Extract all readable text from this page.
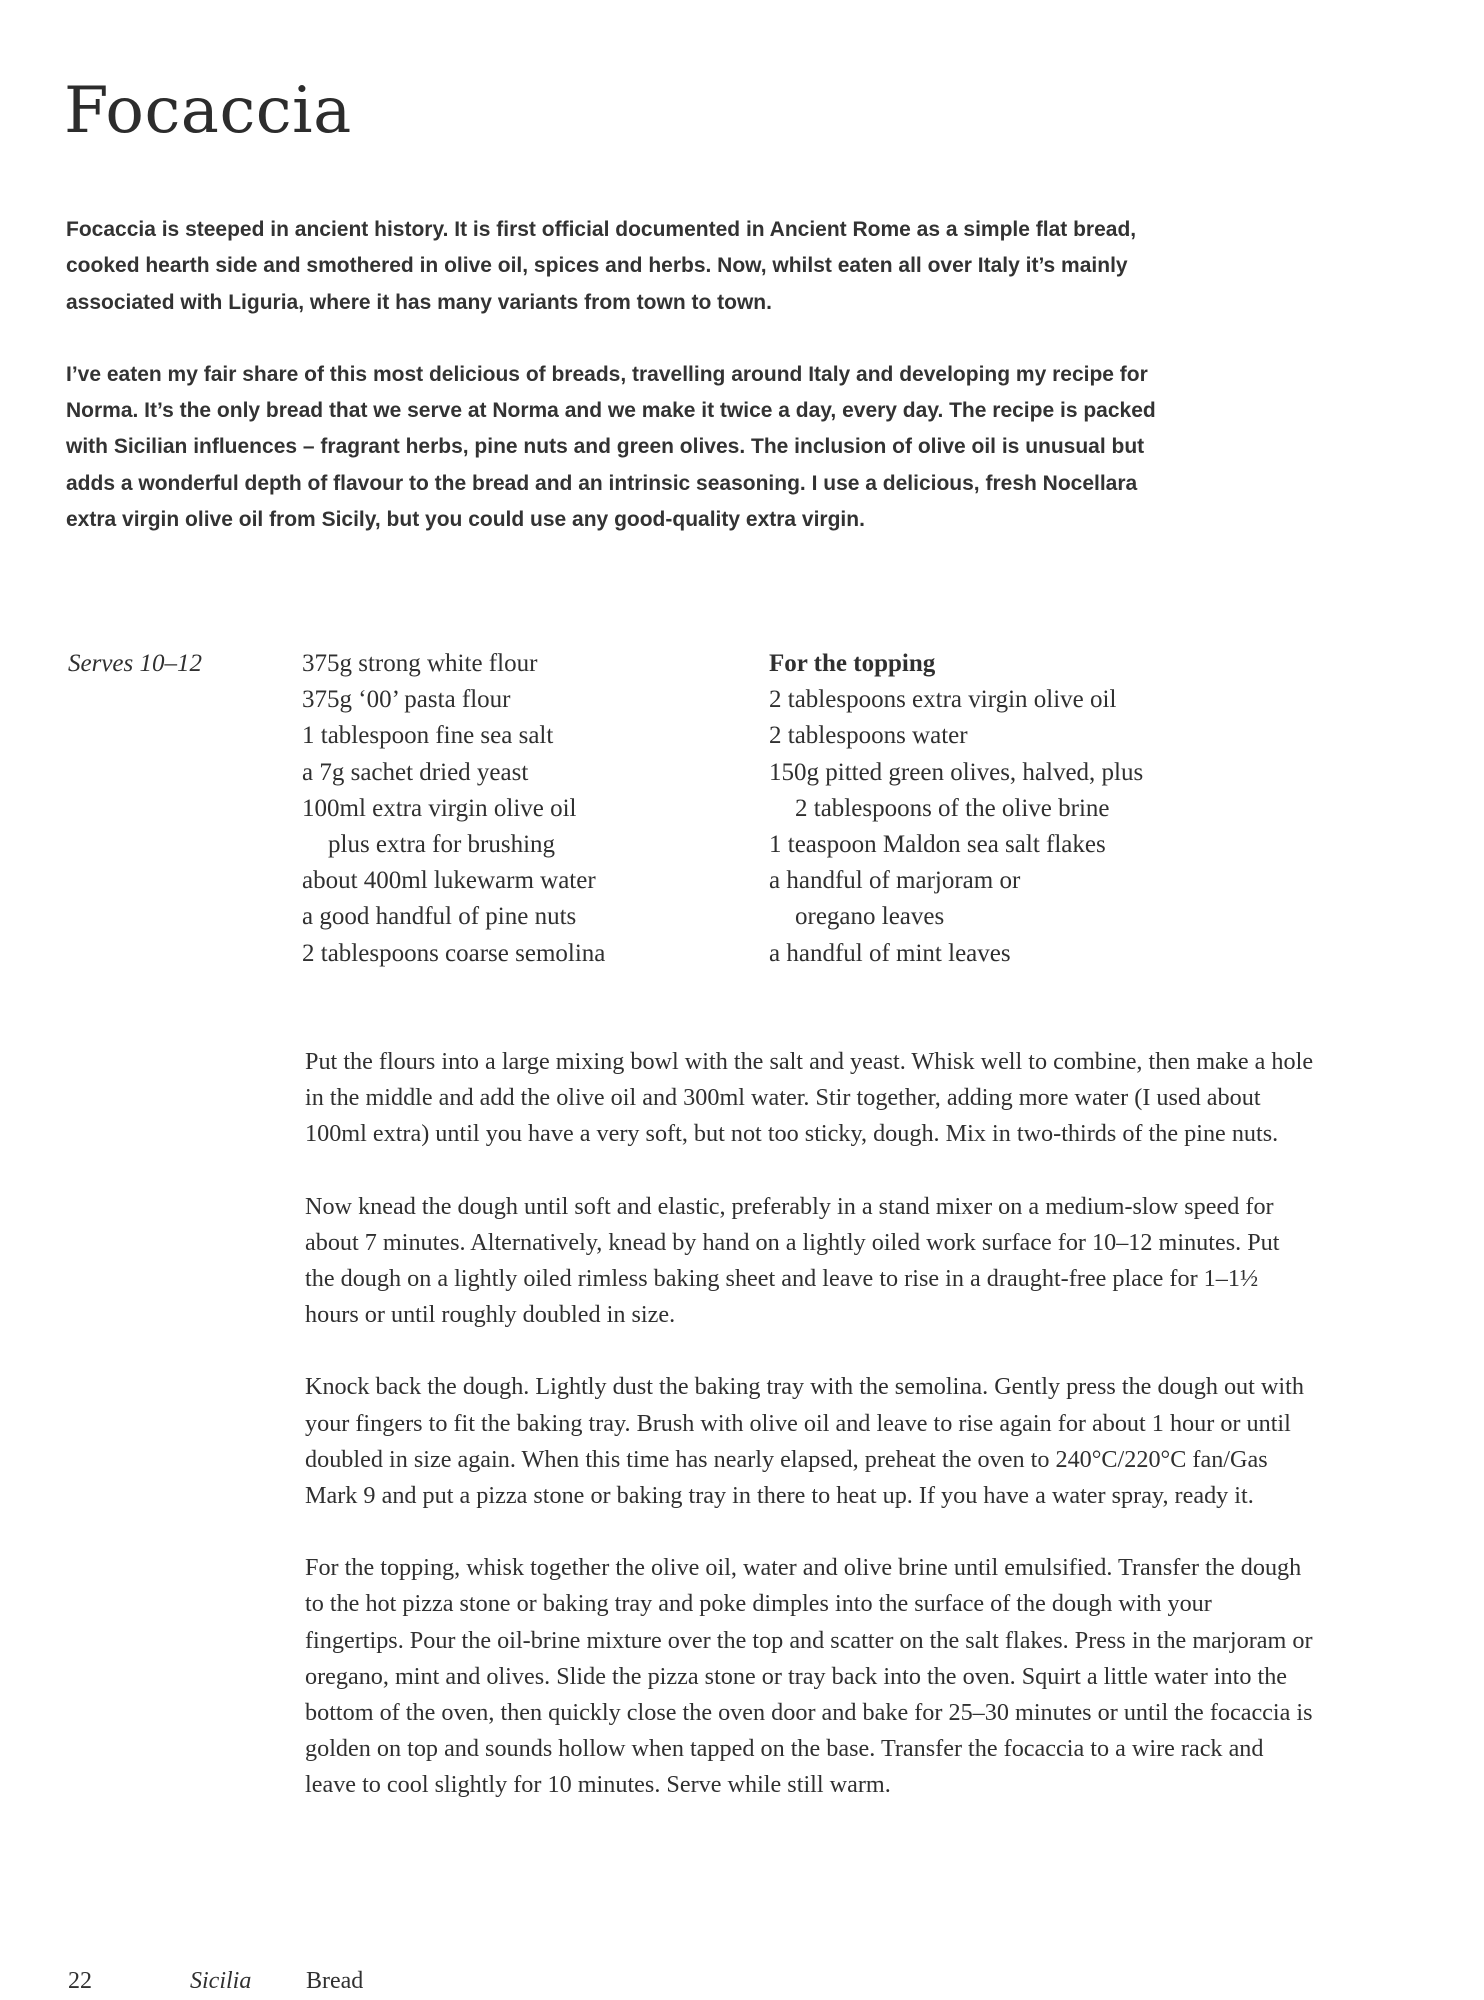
Focaccia

Focaccia is steeped in ancient history. It is first official documented in Ancient Rome as a simple flat bread, cooked hearth side and smothered in olive oil, spices and herbs. Now, whilst eaten all over Italy it’s mainly associated with Liguria, where it has many variants from town to town.

I’ve eaten my fair share of this most delicious of breads, travelling around Italy and developing my recipe for Norma. It’s the only bread that we serve at Norma and we make it twice a day, every day. The recipe is packed with Sicilian influences – fragrant herbs, pine nuts and green olives. The inclusion of olive oil is unusual but adds a wonderful depth of flavour to the bread and an intrinsic seasoning. I use a delicious, fresh Nocellara extra virgin olive oil from Sicily, but you could use any good-quality extra virgin.

Serves 10–12	375g strong white flour
375g ‘00’ pasta flour
1 tablespoon fine sea salt
a 7g sachet dried yeast
100ml extra virgin olive oil
plus extra for brushing
about 400ml lukewarm water
a good handful of pine nuts
2 tablespoons coarse semolina
For the topping
2 tablespoons extra virgin olive oil
2 tablespoons water
150g pitted green olives, halved, plus
2 tablespoons of the olive brine
1 teaspoon Maldon sea salt flakes
a handful of marjoram or
oregano leaves
a handful of mint leaves

Put the flours into a large mixing bowl with the salt and yeast. Whisk well to combine, then make a hole in the middle and add the olive oil and 300ml water. Stir together, adding more water (I used about 100ml extra) until you have a very soft, but not too sticky, dough. Mix in two-thirds of the pine nuts.

Now knead the dough until soft and elastic, preferably in a stand mixer on a medium-slow speed for about 7 minutes. Alternatively, knead by hand on a lightly oiled work surface for 10–12 minutes. Put the dough on a lightly oiled rimless baking sheet and leave to rise in a draught-free place for 1–1½ hours or until roughly doubled in size.

Knock back the dough. Lightly dust the baking tray with the semolina. Gently press the dough out with your fingers to fit the baking tray. Brush with olive oil and leave to rise again for about 1 hour or until doubled in size again. When this time has nearly elapsed, preheat the oven to 240°C/220°C fan/Gas Mark 9 and put a pizza stone or baking tray in there to heat up. If you have a water spray, ready it.

For the topping, whisk together the olive oil, water and olive brine until emulsified. Transfer the dough to the hot pizza stone or baking tray and poke dimples into the surface of the dough with your fingertips. Pour the oil-brine mixture over the top and scatter on the salt flakes. Press in the marjoram or oregano, mint and olives. Slide the pizza stone or tray back into the oven. Squirt a little water into the bottom of the oven, then quickly close the oven door and bake for 25–30 minutes or until the focaccia is golden on top and sounds hollow when tapped on the base. Transfer the focaccia to a wire rack and leave to cool slightly for 10 minutes. Serve while still warm.

22	Sicilia Bread
